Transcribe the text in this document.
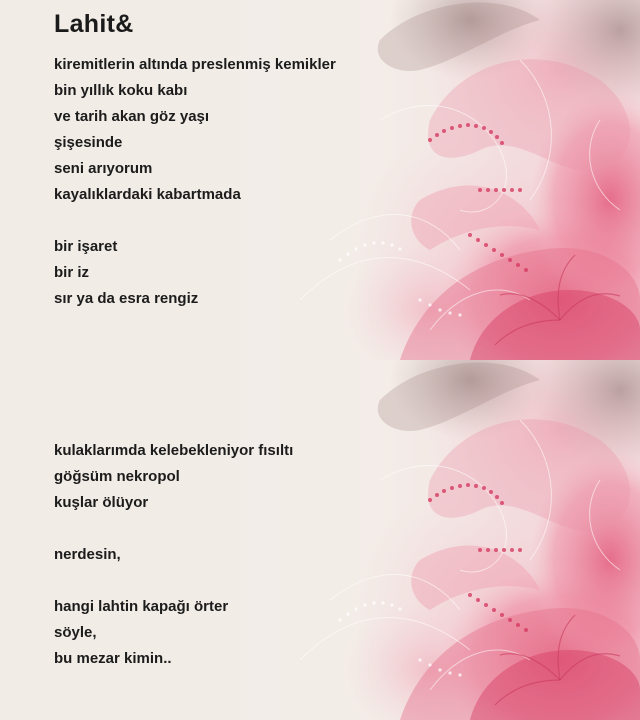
Lahit&
kiremitlerin altında preslenmiş kemikler
bin yıllık koku kabı
ve tarih akan göz yaşı
şişesinde
seni arıyorum
kayalıklardaki kabartmada
bir işaret
bir iz
sır ya da esra rengiz
kulaklarımda kelebekleniyor fısıltı
göğsüm nekropol
kuşlar ölüyor
nerdesin,
hangi lahtin kapağı örter
söyle,
bu mezar kimin..
